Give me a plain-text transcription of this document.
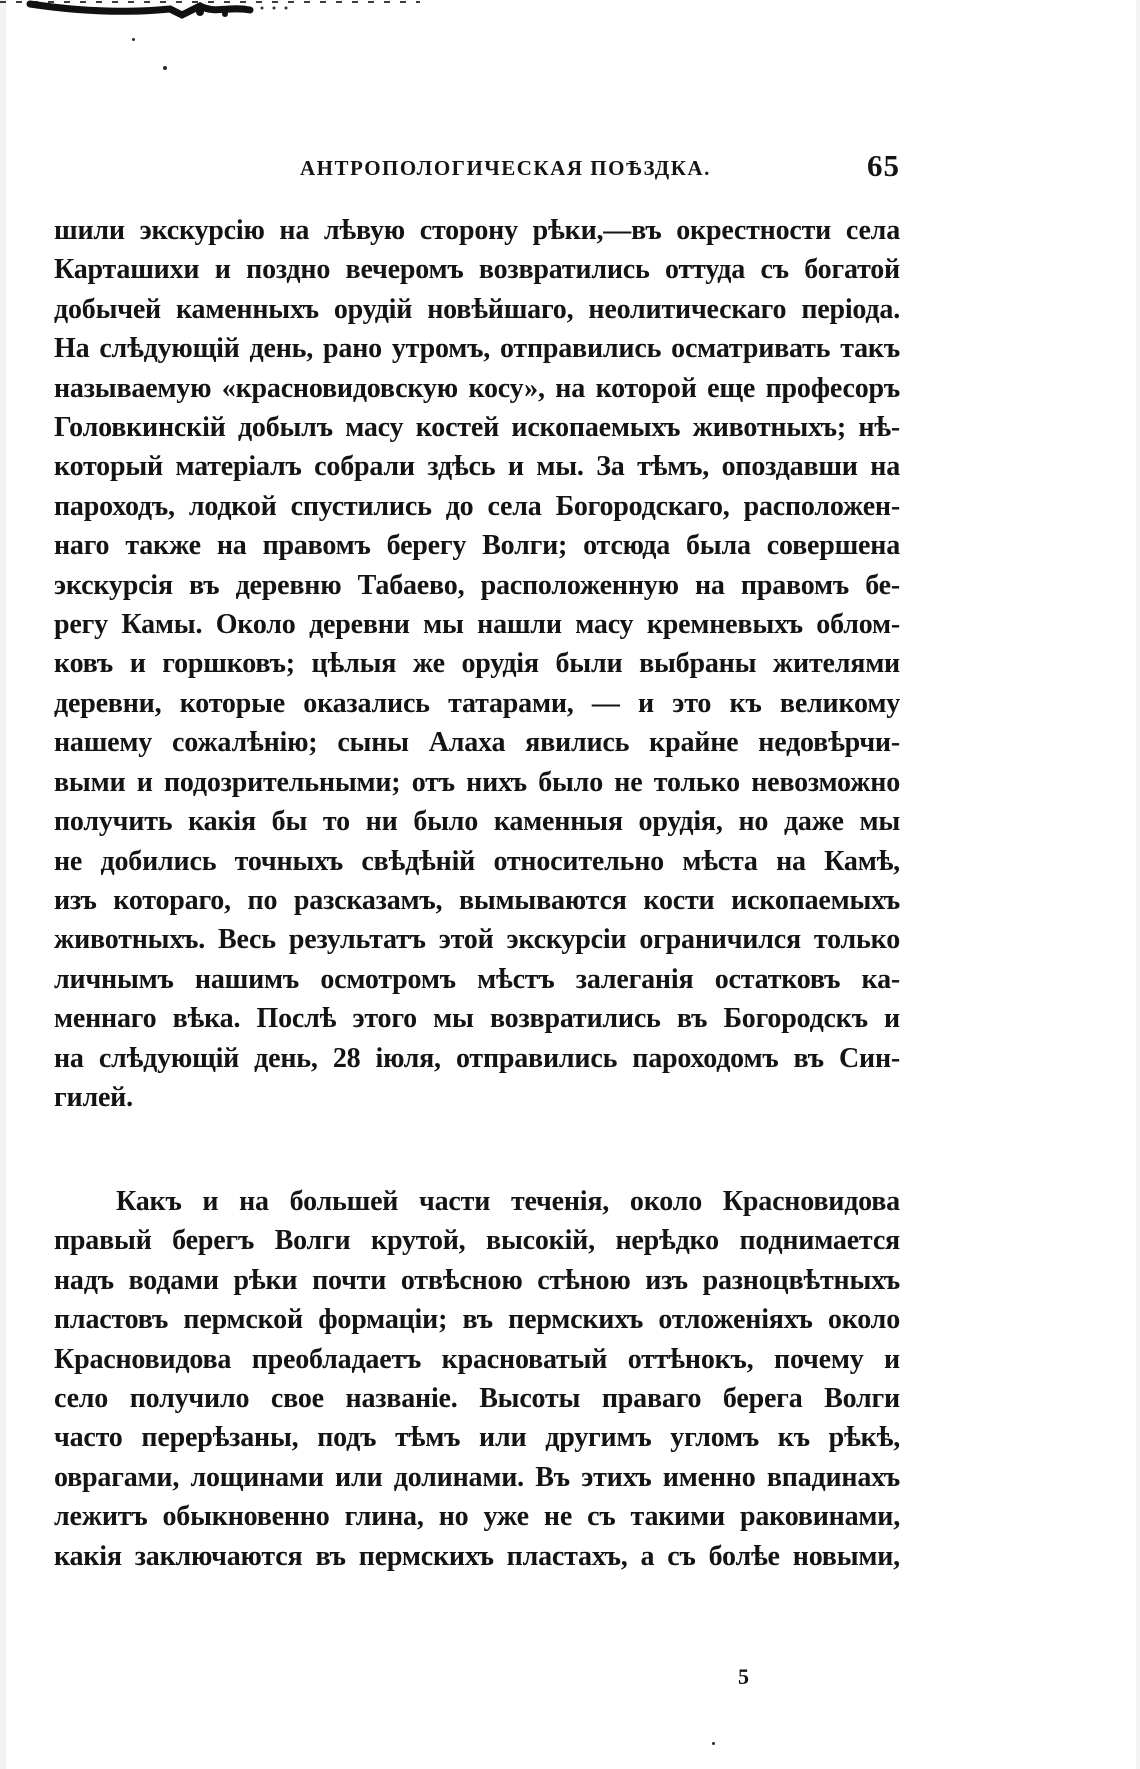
АНТРОПОЛОГИЧЕСКАЯ ПОѢЗДКА.	65

шили экскурсію на лѣвую сторону рѣки,—въ окрестности села
Карташихи и поздно вечеромъ возвратились оттуда съ богатой
добычей каменныхъ орудій новѣйшаго, неолитическаго періода.
На слѣдующій день, рано утромъ, отправились осматривать такъ
называемую «красновидовскую косу», на которой еще професоръ
Головкинскій добылъ масу костей ископаемыхъ животныхъ; нѣ-
который матеріалъ собрали здѣсь и мы. За тѣмъ, опоздавши на
пароходъ, лодкой спустились до села Богородскаго, расположен-
наго также на правомъ берегу Волги; отсюда была совершена
экскурсія въ деревню Табаево, расположенную на правомъ бе-
регу Камы. Около деревни мы нашли масу кремневыхъ облом-
ковъ и горшковъ; цѣлыя же орудія были выбраны жителями
деревни, которые оказались татарами, — и это къ великому
нашему сожалѣнію; сыны Алаха явились крайне недовѣрчи-
выми и подозрительными; отъ нихъ было не только невозможно
получить какія бы то ни было каменныя орудія, но даже мы
не добились точныхъ свѣдѣній относительно мѣста на Камѣ,
изъ котораго, по разсказамъ, вымываются кости ископаемыхъ
животныхъ. Весь результатъ этой экскурсіи ограничился только
личнымъ нашимъ осмотромъ мѣстъ залеганія остатковъ ка-
меннаго вѣка. Послѣ этого мы возвратились въ Богородскъ и
на слѣдующій день, 28 іюля, отправились пароходомъ въ Син-
гилей.

Какъ и на большей части теченія, около Красновидова
правый берегъ Волги крутой, высокій, нерѣдко поднимается
надъ водами рѣки почти отвѣсною стѣною изъ разноцвѣтныхъ
пластовъ пермской формаціи; въ пермскихъ отложеніяхъ около
Красновидова преобладаетъ красноватый оттѣнокъ, почему и
село получило свое названіе. Высоты праваго берега Волги
часто перерѣзаны, подъ тѣмъ или другимъ угломъ къ рѣкѣ,
оврагами, лощинами или долинами. Въ этихъ именно впадинахъ
лежитъ обыкновенно глина, но уже не съ такими раковинами,
какія заключаются въ пермскихъ пластахъ, а съ болѣе новыми,

5
